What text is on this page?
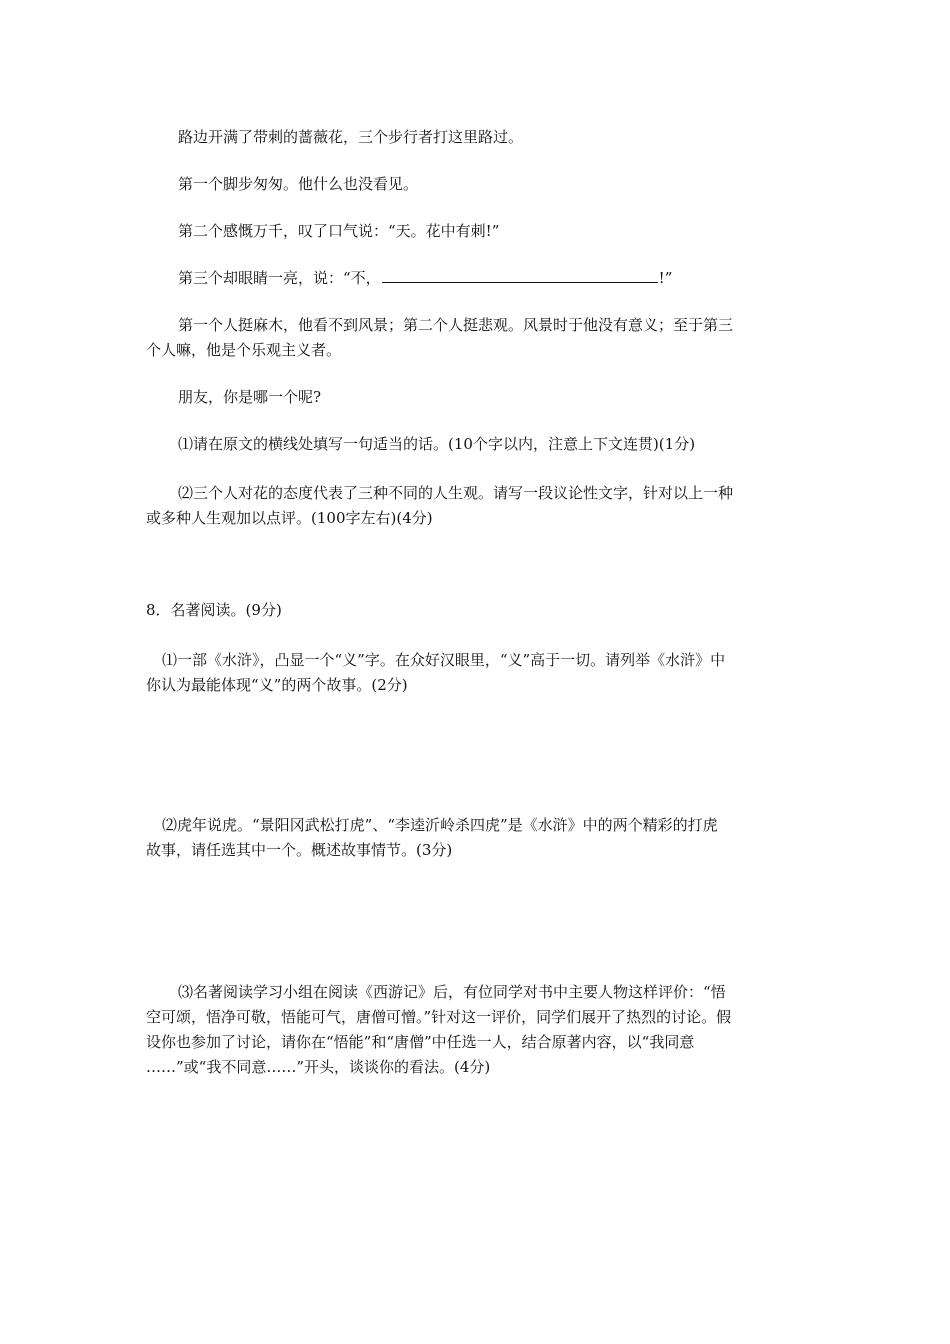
路边开满了带刺的蔷薇花，三个步行者打这里路过。
第一个脚步匆匆。他什么也没看见。
第二个感慨万千，叹了口气说：“天。花中有刺!”
第三个却眼睛一亮，说：“不，	!”
第一个人挺麻木，他看不到风景；第二个人挺悲观。风景时于他没有意义；至于第三
个人嘛，他是个乐观主义者。
朋友，你是哪一个呢?
⑴请在原文的横线处填写一句适当的话。(10个字以内，注意上下文连贯)(1分)
⑵三个人对花的态度代表了三种不同的人生观。请写一段议论性文字，针对以上一种
或多种人生观加以点评。(100字左右)(4分)
8．名著阅读。(9分)
⑴一部《水浒》，凸显一个“义”字。在众好汉眼里，“义”高于一切。请列举《水浒》中
你认为最能体现“义”的两个故事。(2分)
⑵虎年说虎。“景阳冈武松打虎”、“李逵沂岭杀四虎”是《水浒》中的两个精彩的打虎
故事，请任选其中一个。概述故事情节。(3分)
⑶名著阅读学习小组在阅读《西游记》后，有位同学对书中主要人物这样评价：“悟
空可颂，悟净可敬，悟能可气，唐僧可憎。”针对这一评价，同学们展开了热烈的讨论。假
设你也参加了讨论，请你在“悟能”和“唐僧”中任选一人，结合原著内容，以“我同意
……”或“我不同意……”开头，谈谈你的看法。(4分)
